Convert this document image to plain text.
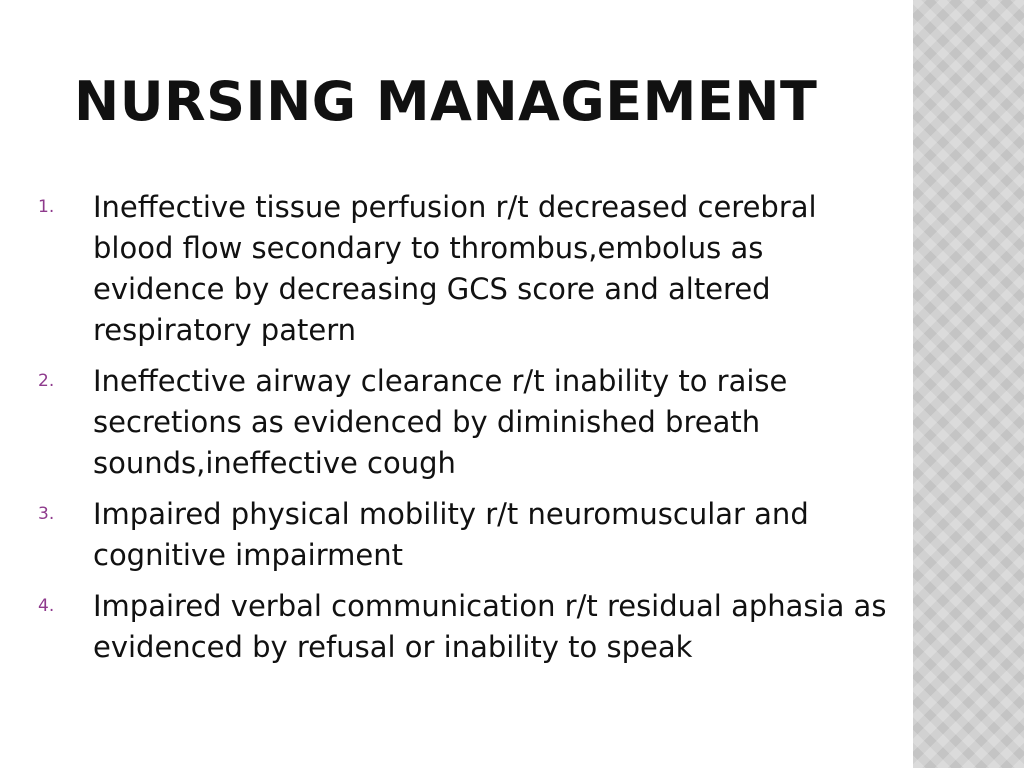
NURSING MANAGEMENT
1. Ineffective tissue perfusion r/t decreased cerebral blood flow secondary to thrombus,embolus as evidence by decreasing GCS score and altered respiratory patern
2. Ineffective airway clearance r/t inability to raise secretions as evidenced by diminished breath sounds,ineffective cough
3. Impaired physical mobility r/t neuromuscular and cognitive impairment
4. Impaired verbal communication r/t residual aphasia as evidenced by refusal or inability to speak
